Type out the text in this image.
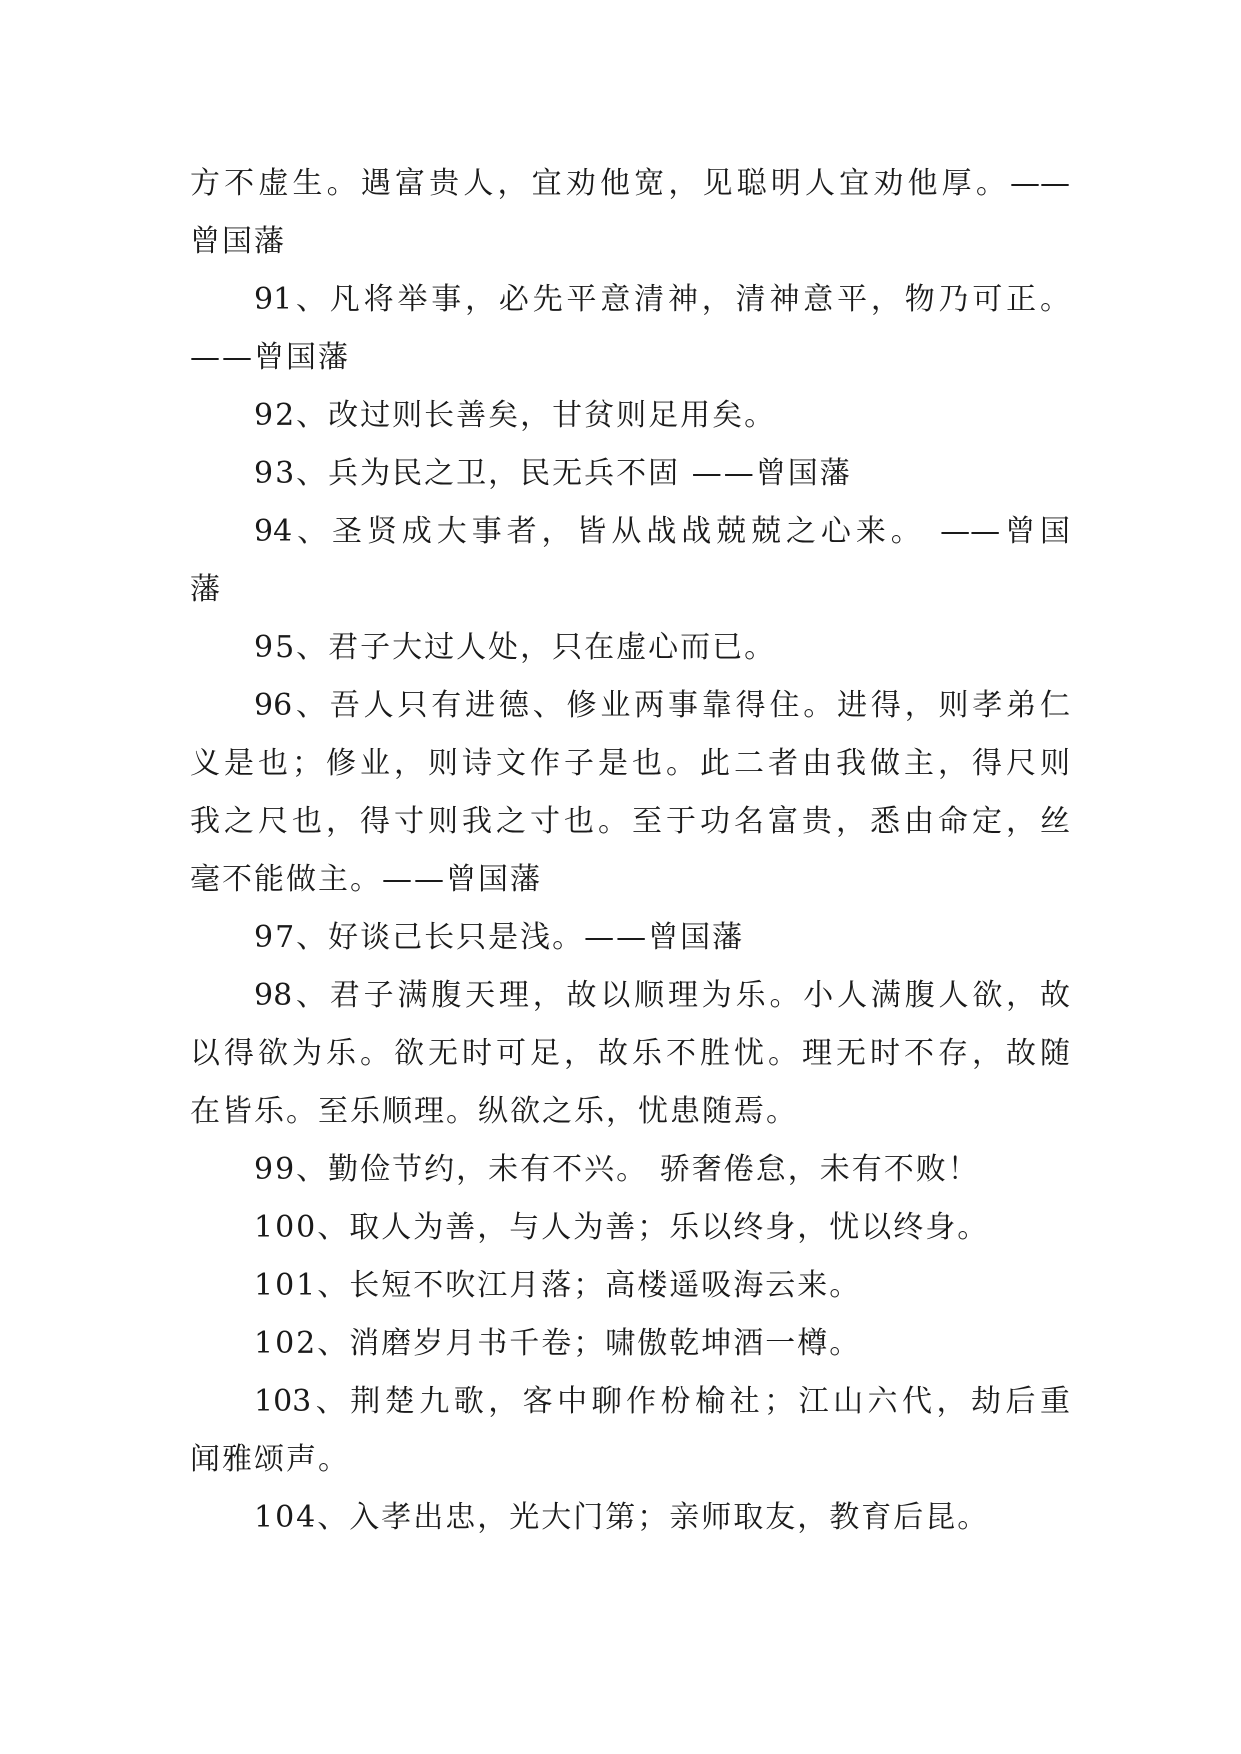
方不虚生。遇富贵人，宜劝他宽，见聪明人宜劝他厚。——

曾国藩

91、凡将举事，必先平意清神，清神意平，物乃可正。

——曾国藩

92、改过则长善矣，甘贫则足用矣。

93、兵为民之卫，民无兵不固 ——曾国藩

94、圣贤成大事者，皆从战战兢兢之心来。 ——曾国

藩

95、君子大过人处，只在虚心而已。

96、吾人只有进德、修业两事靠得住。进得，则孝弟仁

义是也；修业，则诗文作子是也。此二者由我做主，得尺则

我之尺也，得寸则我之寸也。至于功名富贵，悉由命定，丝

毫不能做主。——曾国藩

97、好谈己长只是浅。——曾国藩

98、君子满腹天理，故以顺理为乐。小人满腹人欲，故

以得欲为乐。欲无时可足，故乐不胜忧。理无时不存，故随

在皆乐。至乐顺理。纵欲之乐，忧患随焉。

99、勤俭节约，未有不兴。 骄奢倦怠，未有不败！

100、取人为善，与人为善；乐以终身，忧以终身。

101、长短不吹江月落；高楼遥吸海云来。

102、消磨岁月书千卷；啸傲乾坤酒一樽。

103、荆楚九歌，客中聊作枌榆社；江山六代，劫后重

闻雅颂声。

104、入孝出忠，光大门第；亲师取友，教育后昆。
